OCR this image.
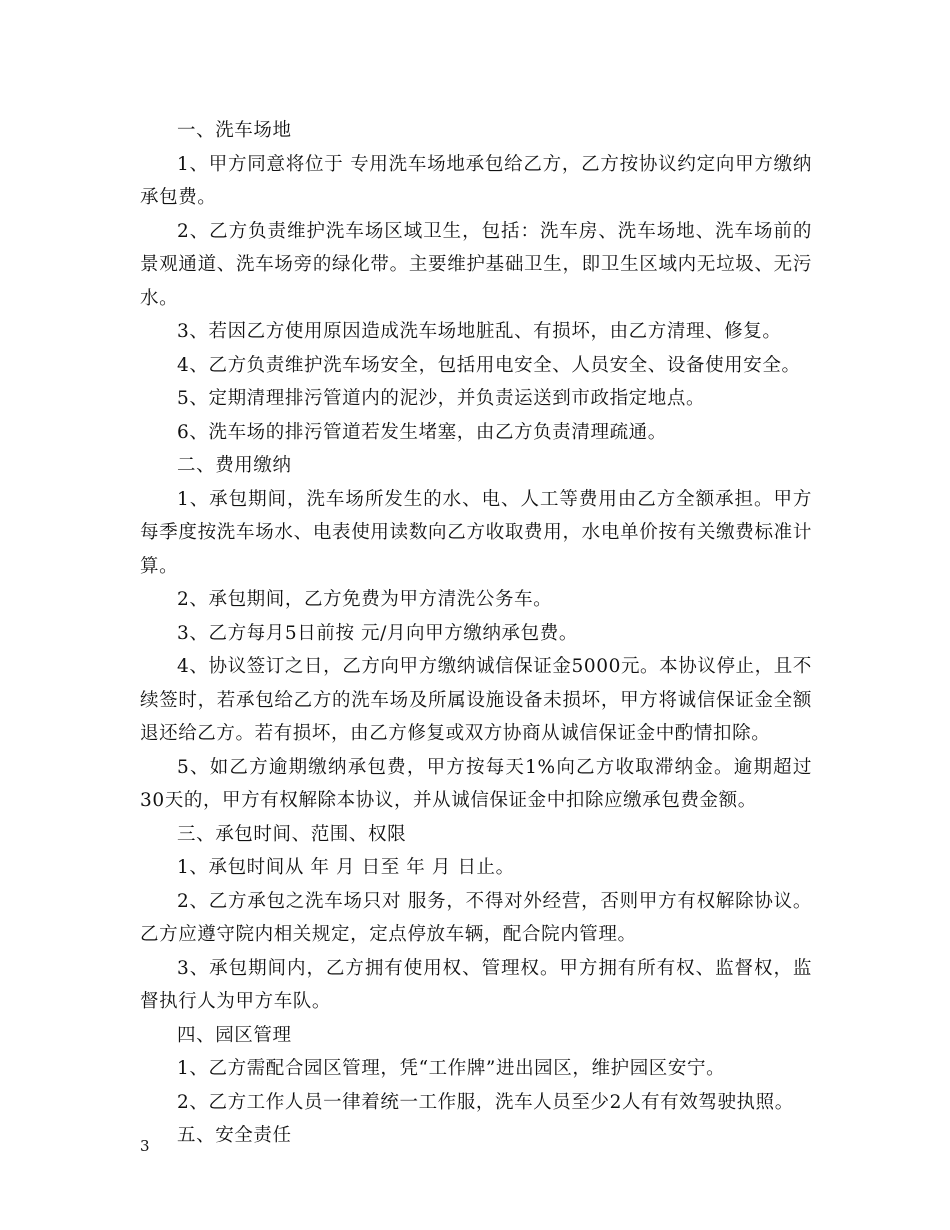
一、洗车场地

1、甲方同意将位于 专用洗车场地承包给乙方，乙方按协议约定向甲方缴纳承包费。

2、乙方负责维护洗车场区域卫生，包括：洗车房、洗车场地、洗车场前的景观通道、洗车场旁的绿化带。主要维护基础卫生，即卫生区域内无垃圾、无污水。

3、若因乙方使用原因造成洗车场地脏乱、有损坏，由乙方清理、修复。

4、乙方负责维护洗车场安全，包括用电安全、人员安全、设备使用安全。

5、定期清理排污管道内的泥沙，并负责运送到市政指定地点。

6、洗车场的排污管道若发生堵塞，由乙方负责清理疏通。

二、费用缴纳

1、承包期间，洗车场所发生的水、电、人工等费用由乙方全额承担。甲方每季度按洗车场水、电表使用读数向乙方收取费用，水电单价按有关缴费标准计算。

2、承包期间，乙方免费为甲方清洗公务车。

3、乙方每月5日前按 元/月向甲方缴纳承包费。

4、协议签订之日，乙方向甲方缴纳诚信保证金5000元。本协议停止，且不续签时，若承包给乙方的洗车场及所属设施设备未损坏，甲方将诚信保证金全额退还给乙方。若有损坏，由乙方修复或双方协商从诚信保证金中酌情扣除。

5、如乙方逾期缴纳承包费，甲方按每天1%向乙方收取滞纳金。逾期超过30天的，甲方有权解除本协议，并从诚信保证金中扣除应缴承包费金额。

三、承包时间、范围、权限

1、承包时间从 年 月 日至 年 月 日止。

2、乙方承包之洗车场只对 服务，不得对外经营，否则甲方有权解除协议。乙方应遵守院内相关规定，定点停放车辆，配合院内管理。

3、承包期间内，乙方拥有使用权、管理权。甲方拥有所有权、监督权，监督执行人为甲方车队。

四、园区管理

1、乙方需配合园区管理，凭“工作牌”进出园区，维护园区安宁。

2、乙方工作人员一律着统一工作服，洗车人员至少2人有有效驾驶执照。

五、安全责任

3
